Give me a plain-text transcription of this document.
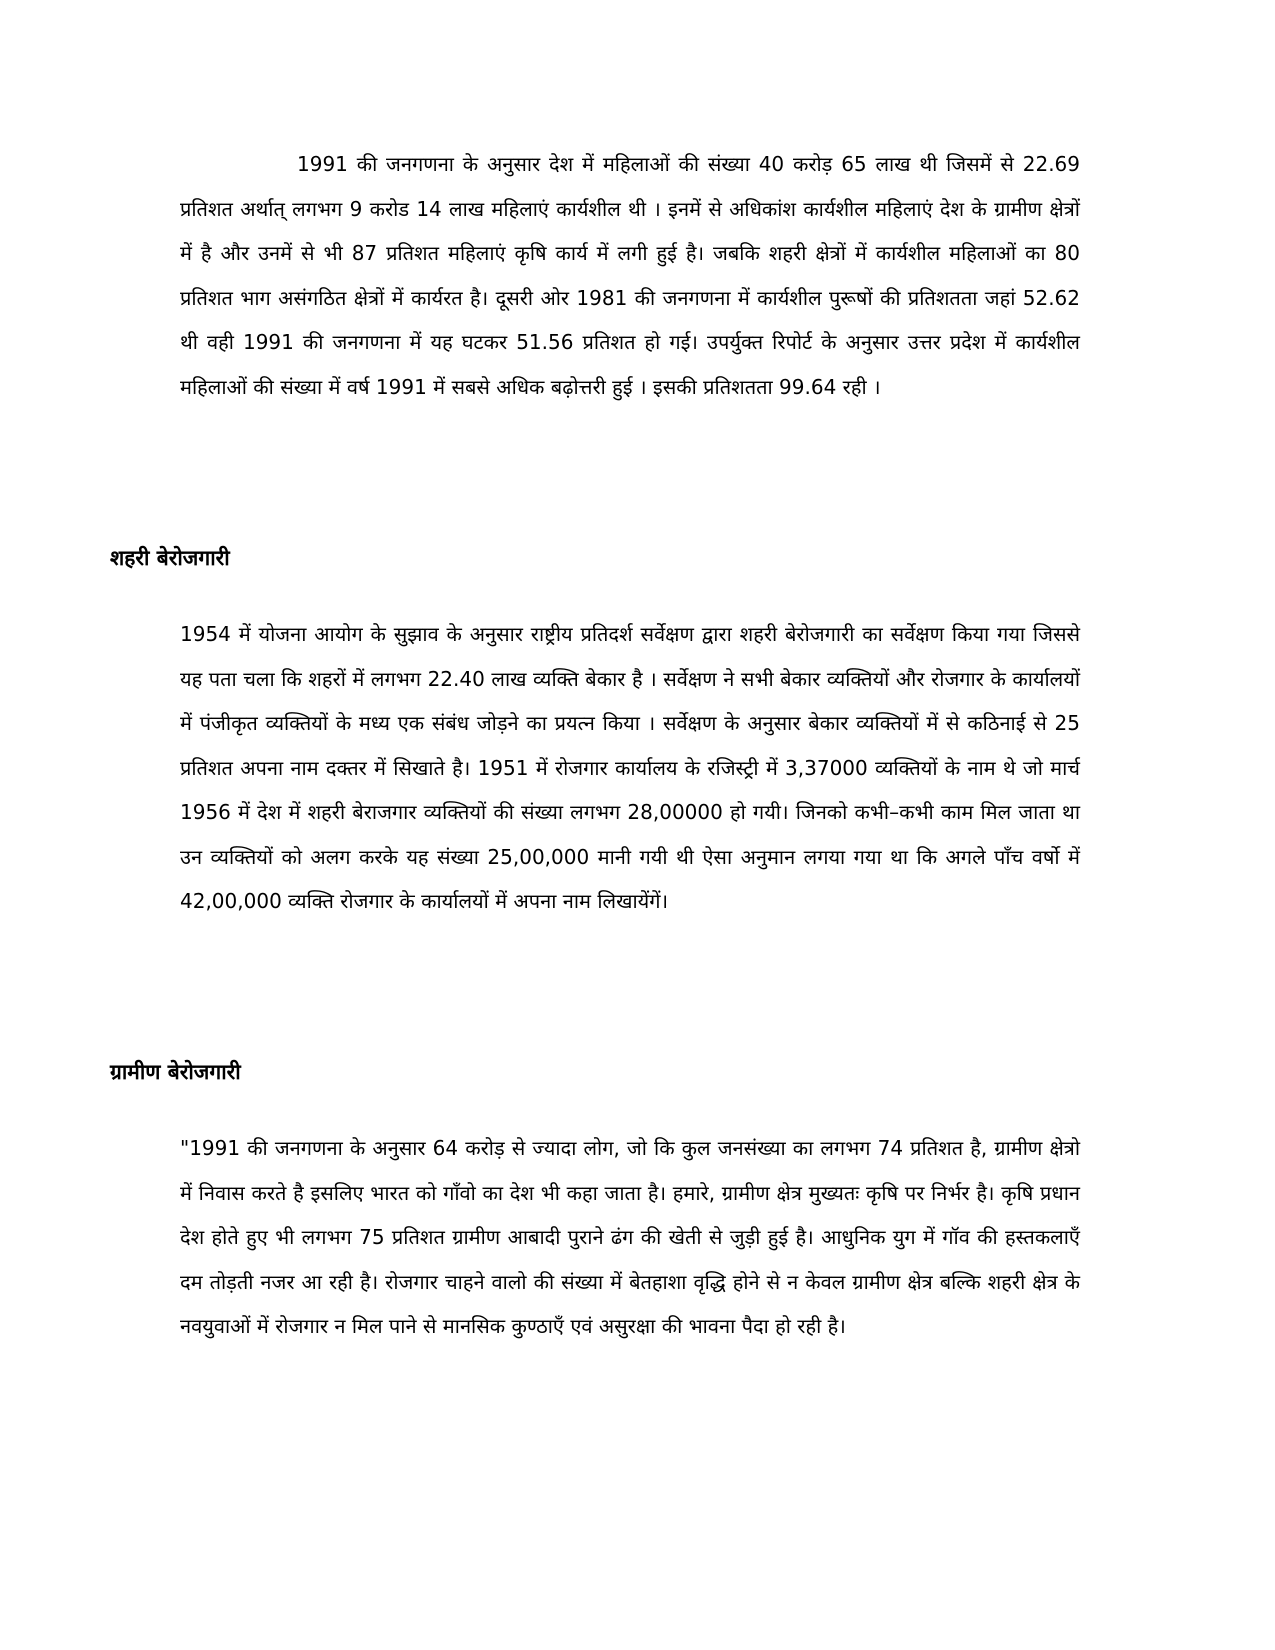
1991 की जनगणना के अनुसार देश में महिलाओं की संख्या 40 करोड़ 65 लाख थी जिसमें से 22.69 प्रतिशत अर्थात् लगभग 9 करोड 14 लाख महिलाएं कार्यशील थी । इनमें से अधिकांश कार्यशील महिलाएं देश के ग्रामीण क्षेत्रों में है और उनमें से भी 87 प्रतिशत महिलाएं कृषि कार्य में लगी हुई है। जबकि शहरी क्षेत्रों में कार्यशील महिलाओं का 80 प्रतिशत भाग असंगठित क्षेत्रों में कार्यरत है। दूसरी ओर 1981 की जनगणना में कार्यशील पुरूषों की प्रतिशतता जहां 52.62 थी वही 1991 की जनगणना में यह घटकर 51.56 प्रतिशत हो गई। उपर्युक्त रिपोर्ट के अनुसार उत्तर प्रदेश में कार्यशील महिलाओं की संख्या में वर्ष 1991 में सबसे अधिक बढ़ोत्तरी हुई । इसकी प्रतिशतता 99.64 रही ।

शहरी बेरोजगारी

1954 में योजना आयोग के सुझाव के अनुसार राष्ट्रीय प्रतिदर्श सर्वेक्षण द्वारा शहरी बेरोजगारी का सर्वेक्षण किया गया जिससे यह पता चला कि शहरों में लगभग 22.40 लाख व्यक्ति बेकार है । सर्वेक्षण ने सभी बेकार व्यक्तियों और रोजगार के कार्यालयों में पंजीकृत व्यक्तियों के मध्य एक संबंध जोड़ने का प्रयत्न किया । सर्वेक्षण के अनुसार बेकार व्यक्तियों में से कठिनाई से 25 प्रतिशत अपना नाम दक्तर में सिखाते है। 1951 में रोजगार कार्यालय के रजिस्ट्री में 3,37000 व्यक्तियों के नाम थे जो मार्च 1956 में देश में शहरी बेराजगार व्यक्तियों की संख्या लगभग 28,00000 हो गयी। जिनको कभी–कभी काम मिल जाता था उन व्यक्तियों को अलग करके यह संख्या 25,00,000 मानी गयी थी ऐसा अनुमान लगया गया था कि अगले पाँच वर्षो में 42,00,000 व्यक्ति रोजगार के कार्यालयों में अपना नाम लिखायेंगें।

ग्रामीण बेरोजगारी

"1991 की जनगणना के अनुसार 64 करोड़ से ज्यादा लोग, जो कि कुल जनसंख्या का लगभग 74 प्रतिशत है, ग्रामीण क्षेत्रो में निवास करते है इसलिए भारत को गाँवो का देश भी कहा जाता है। हमारे, ग्रामीण क्षेत्र मुख्यतः कृषि पर निर्भर है। कृषि प्रधान देश होते हुए भी लगभग 75 प्रतिशत ग्रामीण आबादी पुराने ढंग की खेती से जुड़ी हुई है। आधुनिक युग में गॉव की हस्तकलाएँ दम तोड़ती नजर आ रही है। रोजगार चाहने वालो की संख्या में बेतहाशा वृद्धि होने से न केवल ग्रामीण क्षेत्र बल्कि शहरी क्षेत्र के नवयुवाओं में रोजगार न मिल पाने से मानसिक कुण्ठाएँ एवं असुरक्षा की भावना पैदा हो रही है।
